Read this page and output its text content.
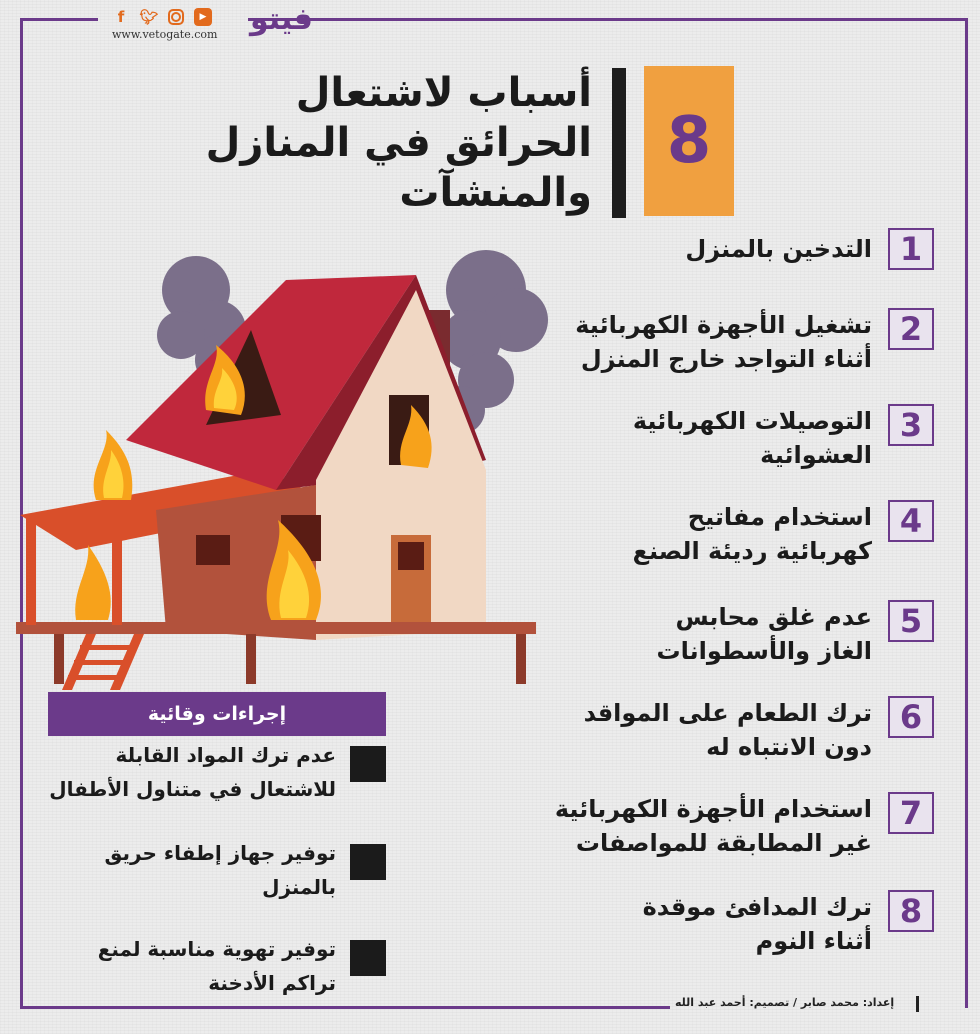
f	🐦︎	▶
www.vetogate.com فيتو
أسباب لاشتعال
الحرائق في المنازل
والمنشآت
8
1
التدخين بالمنزل
2
تشغيل الأجهزة الكهربائية
أثناء التواجد خارج المنزل
3
التوصيلات الكهربائية
العشوائية
4
استخدام مفاتيح
كهربائية رديئة الصنع
5
عدم غلق محابس
الغاز والأسطوانات
6
ترك الطعام على المواقد
دون الانتباه له
7
استخدام الأجهزة الكهربائية
غير المطابقة للمواصفات
8
ترك المدافئ موقدة
أثناء النوم
إجراءات وقائية
عدم ترك المواد القابلة
للاشتعال في متناول الأطفال
توفير جهاز إطفاء حريق
بالمنزل
توفير تهوية مناسبة لمنع
تراكم الأدخنة
إعداد: محمد صابر / تصميم: أحمد عبد الله
